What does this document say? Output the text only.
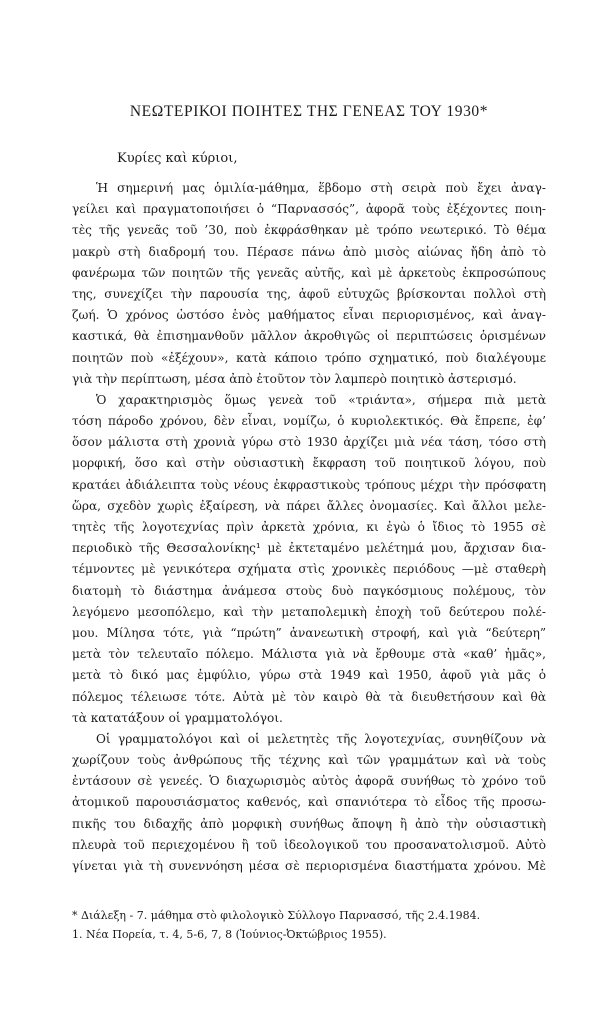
ΝΕΩΤΕΡΙΚΟΙ ΠΟΙΗΤΕΣ ΤΗΣ ΓΕΝΕΑΣ ΤΟΥ 1930*
Κυρίες καὶ κύριοι,
Ἡ σημερινή μας ὁμιλία-μάθημα, ἕβδομο στὴ σειρὰ ποὺ ἔχει ἀναγ-
γείλει καὶ πραγματοποιήσει ὁ “Παρνασσός”, ἀφορᾶ τοὺς ἐξέχοντες ποιη-
τὲς τῆς γενεᾶς τοῦ ’30, ποὺ ἐκφράσθηκαν μὲ τρόπο νεωτερικό. Τὸ θέμα
μακρὺ στὴ διαδρομή του. Πέρασε πάνω ἀπὸ μισὸς αἰώνας ἤδη ἀπὸ τὸ
φανέρωμα τῶν ποιητῶν τῆς γενεᾶς αὐτῆς, καὶ μὲ ἀρκετοὺς ἐκπροσώπους
της, συνεχίζει τὴν παρουσία της, ἀφοῦ εὐτυχῶς βρίσκονται πολλοὶ στὴ
ζωή. Ὁ χρόνος ὡστόσο ἑνὸς μαθήματος εἶναι περιορισμένος, καὶ ἀναγ-
καστικά, θὰ ἐπισημανθοῦν μᾶλλον ἀκροθιγῶς οἱ περιπτώσεις ὁρισμένων
ποιητῶν ποὺ «ἐξέχουν», κατὰ κάποιο τρόπο σχηματικό, ποὺ διαλέγουμε
γιὰ τὴν περίπτωση, μέσα ἀπὸ ἐτοῦτον τὸν λαμπερὸ ποιητικὸ ἀστερισμό.
Ὁ χαρακτηρισμὸς ὅμως γενεὰ τοῦ «τριάντα», σήμερα πιὰ μετὰ
τόση πάροδο χρόνου, δὲν εἶναι, νομίζω, ὁ κυριολεκτικός. Θὰ ἔπρεπε, ἐφ’
ὅσον μάλιστα στὴ χρονιὰ γύρω στὸ 1930 ἀρχίζει μιὰ νέα τάση, τόσο στὴ
μορφική, ὅσο καὶ στὴν οὐσιαστικὴ ἔκφραση τοῦ ποιητικοῦ λόγου, ποὺ
κρατάει ἀδιάλειπτα τοὺς νέους ἐκφραστικοὺς τρόπους μέχρι τὴν πρόσφατη
ὥρα, σχεδὸν χωρὶς ἐξαίρεση, νὰ πάρει ἄλλες ὀνομασίες. Καὶ ἄλλοι μελε-
τητὲς τῆς λογοτεχνίας πρὶν ἀρκετὰ χρόνια, κι ἐγὼ ὁ ἴδιος τὸ 1955 σὲ
περιοδικὸ τῆς Θεσσαλονίκης¹ μὲ ἐκτεταμένο μελέτημά μου, ἄρχισαν δια-
τέμνοντες μὲ γενικότερα σχήματα στὶς χρονικὲς περιόδους —μὲ σταθερὴ
διατομὴ τὸ διάστημα ἀνάμεσα στοὺς δυὸ παγκόσμιους πολέμους, τὸν
λεγόμενο μεσοπόλεμο, καὶ τὴν μεταπολεμικὴ ἐποχὴ τοῦ δεύτερου πολέ-
μου. Μίλησα τότε, γιὰ “πρώτη” ἀνανεωτικὴ στροφή, καὶ γιὰ “δεύτερη”
μετὰ τὸν τελευταῖο πόλεμο. Μάλιστα γιὰ νὰ ἔρθουμε στὰ «καθ’ ἡμᾶς»,
μετὰ τὸ δικό μας ἐμφύλιο, γύρω στὰ 1949 καὶ 1950, ἀφοῦ γιὰ μᾶς ὁ
πόλεμος τέλειωσε τότε. Αὐτὰ μὲ τὸν καιρὸ θὰ τὰ διευθετήσουν καὶ θὰ
τὰ κατατάξουν οἱ γραμματολόγοι.
Οἱ γραμματολόγοι καὶ οἱ μελετητὲς τῆς λογοτεχνίας, συνηθίζουν νὰ
χωρίζουν τοὺς ἀνθρώπους τῆς τέχνης καὶ τῶν γραμμάτων καὶ νὰ τοὺς
ἐντάσουν σὲ γενεές. Ὁ διαχωρισμὸς αὐτὸς ἀφορᾶ συνήθως τὸ χρόνο τοῦ
ἀτομικοῦ παρουσιάσματος καθενός, καὶ σπανιότερα τὸ εἶδος τῆς προσω-
πικῆς του διδαχῆς ἀπὸ μορφικὴ συνήθως ἄποψη ἢ ἀπὸ τὴν οὐσιαστικὴ
πλευρὰ τοῦ περιεχομένου ἢ τοῦ ἰδεολογικοῦ του προσανατολισμοῦ. Αὐτὸ
γίνεται γιὰ τὴ συνεννόηση μέσα σὲ περιορισμένα διαστήματα χρόνου. Μὲ
* Διάλεξη - 7. μάθημα στὸ φιλολογικὸ Σύλλογο Παρνασσό, τῆς 2.4.1984.
1. Νέα Πορεία, τ. 4, 5-6, 7, 8 (Ἰούνιος-Ὀκτώβριος 1955).
